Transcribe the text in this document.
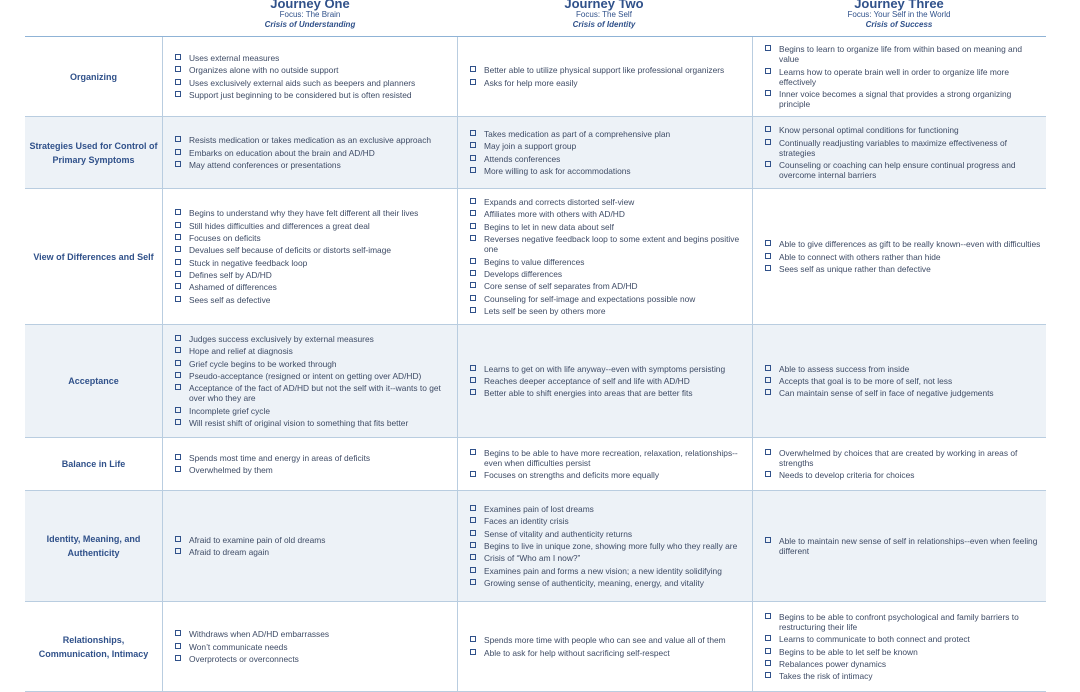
Journey One
Focus: The Brain
Crisis of Understanding
Journey Two
Focus: The Self
Crisis of Identity
Journey Three
Focus: Your Self in the World
Crisis of Success
Organizing
Uses external measures
Organizes alone with no outside support
Uses exclusively external aids such as beepers and planners
Support just beginning to be considered but is often resisted
Better able to utilize physical support like professional organizers
Asks for help more easily
Begins to learn to organize life from within based on meaning and value
Learns how to operate brain well in order to organize life more effectively
Inner voice becomes a signal that provides a strong organizing principle
Strategies Used for Control of Primary Symptoms
Resists medication or takes medication as an exclusive approach
Embarks on education about the brain and AD/HD
May attend conferences or presentations
Takes medication as part of a comprehensive plan
May join a support group
Attends conferences
More willing to ask for accommodations
Know personal optimal conditions for functioning
Continually readjusting variables to maximize effectiveness of strategies
Counseling or coaching can help ensure continual progress and overcome internal barriers
View of Differences and Self
Begins to understand why they have felt different all their lives
Still hides difficulties and differences a great deal
Focuses on deficits
Devalues self because of deficits or distorts self-image
Stuck in negative feedback loop
Defines self by AD/HD
Ashamed of differences
Sees self as defective
Expands and corrects distorted self-view
Affiliates more with others with AD/HD
Begins to let in new data about self
Reverses negative feedback loop to some extent and begins positive one
Begins to value differences
Develops differences
Core sense of self separates from AD/HD
Counseling for self-image and expectations possible now
Lets self be seen by others more
Able to give differences as gift to be really known--even with difficulties
Able to connect with others rather than hide
Sees self as unique rather than defective
Acceptance
Judges success exclusively by external measures
Hope and relief at diagnosis
Grief cycle begins to be worked through
Pseudo-acceptance (resigned or intent on getting over AD/HD)
Acceptance of the fact of AD/HD but not the self with it--wants to get over who they are
Incomplete grief cycle
Will resist shift of original vision to something that fits better
Learns to get on with life anyway--even with symptoms persisting
Reaches deeper acceptance of self and life with AD/HD
Better able to shift energies into areas that are better fits
Able to assess success from inside
Accepts that goal is to be more of self, not less
Can maintain sense of self in face of negative judgements
Balance in Life
Spends most time and energy in areas of deficits
Overwhelmed by them
Begins to be able to have more recreation, relaxation, relationships--even when difficulties persist
Focuses on strengths and deficits more equally
Overwhelmed by choices that are created by working in areas of strengths
Needs to develop criteria for choices
Identity, Meaning, and Authenticity
Afraid to examine pain of old dreams
Afraid to dream again
Examines pain of lost dreams
Faces an identity crisis
Sense of vitality and authenticity returns
Begins to live in unique zone, showing more fully who they really are
Crisis of “Who am I now?”
Examines pain and forms a new vision; a new identity solidifying
Growing sense of authenticity, meaning, energy, and vitality
Able to maintain new sense of self in relationships--even when feeling different
Relationships, Communication, Intimacy
Withdraws when AD/HD embarrasses
Won’t communicate needs
Overprotects or overconnects
Spends more time with people who can see and value all of them
Able to ask for help without sacrificing self-respect
Begins to be able to confront psychological and family barriers to restructuring their life
Learns to communicate to both connect and protect
Begins to be able to let self be known
Rebalances power dynamics
Takes the risk of intimacy
